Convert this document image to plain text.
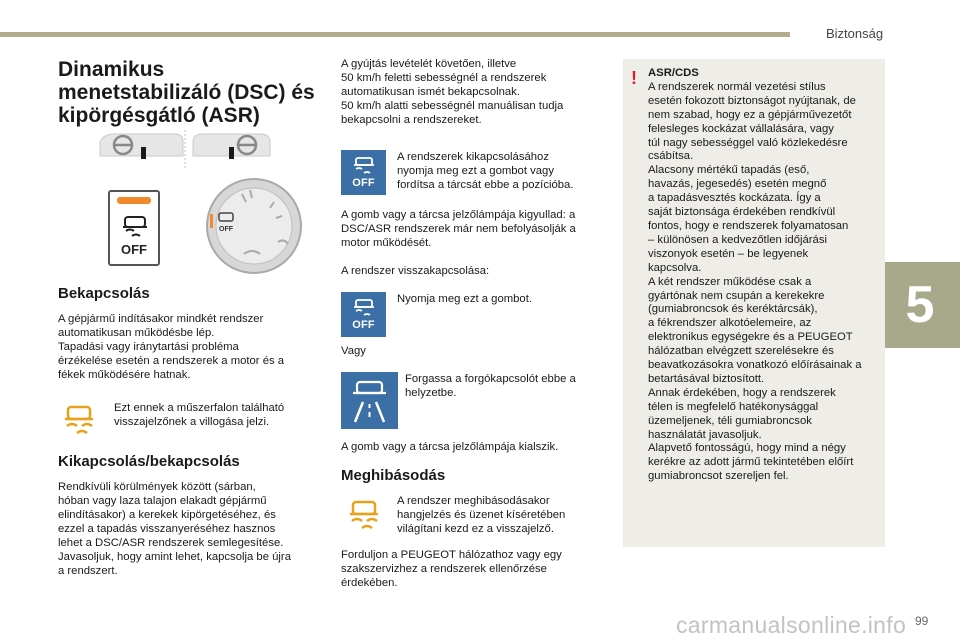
Biztonság
5
99
carmanualsonline.info
Dinamikus menetstabilizáló (DSC) és kipörgésgátló (ASR)
OFF
OFF
Bekapcsolás
A gépjármű indításakor mindkét rendszer
automatikusan működésbe lép.
Tapadási vagy iránytartási probléma
érzékelése esetén a rendszerek a motor és a
fékek működésére hatnak.
Ezt ennek a műszerfalon található
visszajelzőnek a villogása jelzi.
Kikapcsolás/bekapcsolás
Rendkívüli körülmények között (sárban,
hóban vagy laza talajon elakadt gépjármű
elindításakor) a kerekek kipörgetéséhez, és
ezzel a tapadás visszanyeréséhez hasznos
lehet a DSC/ASR rendszerek semlegesítése.
Javasoljuk, hogy amint lehet, kapcsolja be újra
a rendszert.
A gyújtás levételét követően, illetve
50 km/h feletti sebességnél a rendszerek
automatikusan ismét bekapcsolnak.
50 km/h alatti sebességnél manuálisan tudja
bekapcsolni a rendszereket.
OFF
A rendszerek kikapcsolásához
nyomja meg ezt a gombot vagy
fordítsa a tárcsát ebbe a pozícióba.
A gomb vagy a tárcsa jelzőlámpája kigyullad: a
DSC/ASR rendszerek már nem befolyásolják a
motor működését.
A rendszer visszakapcsolása:
OFF
Nyomja meg ezt a gombot.
Vagy
Forgassa a forgókapcsolót ebbe a
helyzetbe.
A gomb vagy a tárcsa jelzőlámpája kialszik.
Meghibásodás
A rendszer meghibásodásakor
hangjelzés és üzenet kíséretében
világítani kezd ez a visszajelző.
Forduljon a PEUGEOT hálózathoz vagy egy
szakszervizhez a rendszerek ellenőrzése
érdekében.
! ASR/CDS
A rendszerek normál vezetési stílus
esetén fokozott biztonságot nyújtanak, de
nem szabad, hogy ez a gépjárművezetőt
felesleges kockázat vállalására, vagy
túl nagy sebességgel való közlekedésre
csábítsa.
Alacsony mértékű tapadás (eső,
havazás, jegesedés) esetén megnő
a tapadásvesztés kockázata. Így a
saját biztonsága érdekében rendkívül
fontos, hogy e rendszerek folyamatosan
– különösen a kedvezőtlen időjárási
viszonyok esetén – be legyenek
kapcsolva.
A két rendszer működése csak a
gyártónak nem csupán a kerekekre
(gumiabroncsok és keréktárcsák),
a fékrendszer alkotóelemeire, az
elektronikus egységekre és a PEUGEOT
hálózatban elvégzett szerelésekre és
beavatkozásokra vonatkozó előírásainak a
betartásával biztosított.
Annak érdekében, hogy a rendszerek
télen is megfelelő hatékonysággal
üzemeljenek, téli gumiabroncsok
használatát javasoljuk.
Alapvető fontosságú, hogy mind a négy
kerékre az adott jármű tekintetében előírt
gumiabroncsot szereljen fel.
